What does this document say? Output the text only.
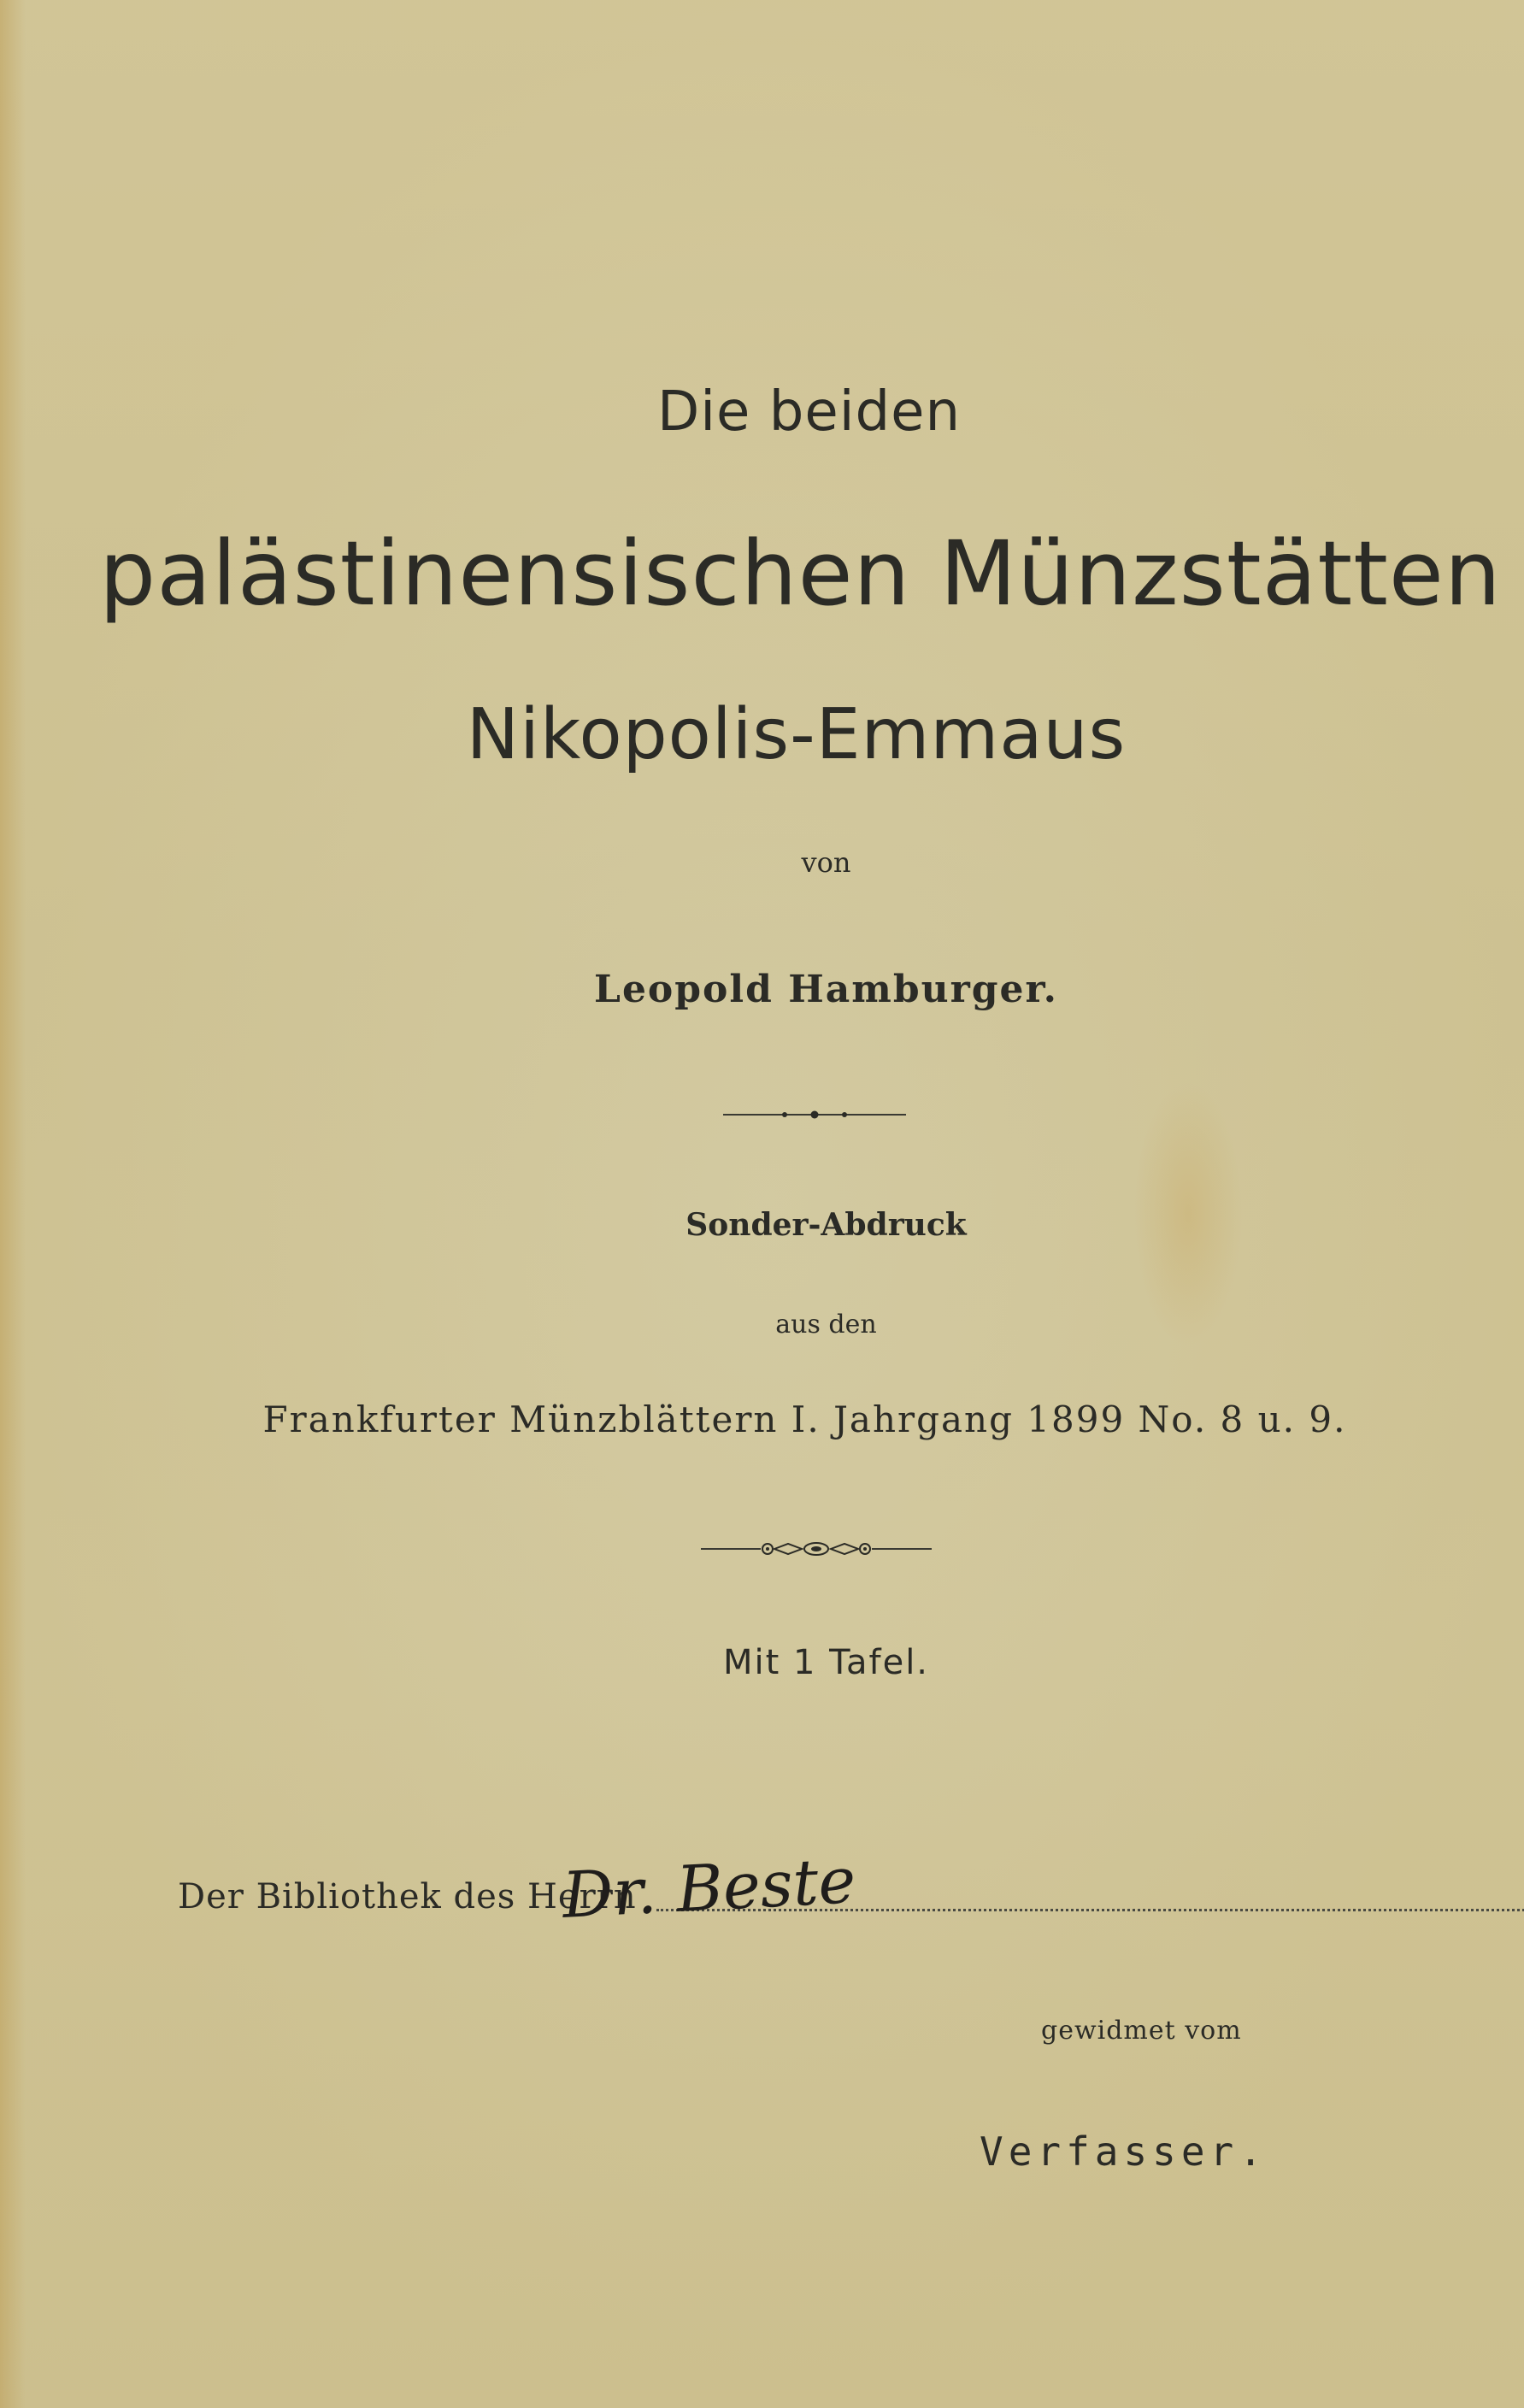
Die beiden
palästinensischen Münzstätten
Nikopolis-Emmaus
von
Leopold Hamburger.
Sonder-Abdruck
aus den
Frankfurter Münzblättern I. Jahrgang 1899 No. 8 u. 9.
Mit 1 Tafel.
Der Bibliothek des Herrn
Dr. Beste
gewidmet vom
Verfasser.
